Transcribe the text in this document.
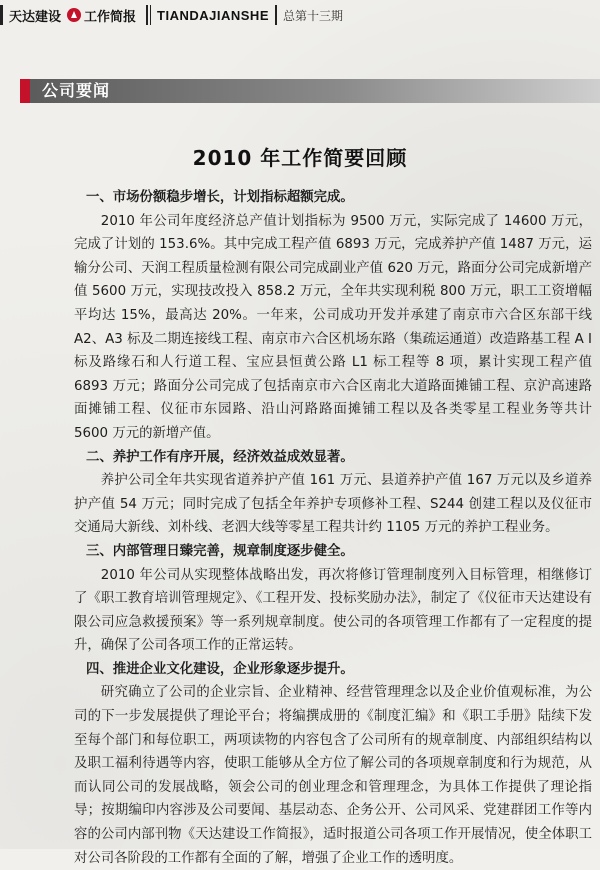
天达建设 工作简报	TIANDAJIANSHE	总第十三期
公司要闻
2010 年工作简要回顾

一、市场份额稳步增长，计划指标超额完成。

2010 年公司年度经济总产值计划指标为 9500 万元，实际完成了 14600 万元，完成了计划的 153.6%。其中完成工程产值 6893 万元，完成养护产值 1487 万元，运输分公司、天润工程质量检测有限公司完成副业产值 620 万元，路面分公司完成新增产值 5600 万元，实现技改投入 858.2 万元，全年共实现利税 800 万元，职工工资增幅平均达 15%，最高达 20%。一年来，公司成功开发并承建了南京市六合区东部干线 A2、A3 标及二期连接线工程、南京市六合区机场东路（集疏运通道）改造路基工程 A Ⅰ 标及路缘石和人行道工程、宝应县恒黄公路 L1 标工程等 8 项，累计实现工程产值 6893 万元；路面分公司完成了包括南京市六合区南北大道路面摊铺工程、京沪高速路面摊铺工程、仪征市东园路、沿山河路路面摊铺工程以及各类零星工程业务等共计 5600 万元的新增产值。

二、养护工作有序开展，经济效益成效显著。

养护公司全年共实现省道养护产值 161 万元、县道养护产值 167 万元以及乡道养护产值 54 万元；同时完成了包括全年养护专项修补工程、S244 创建工程以及仪征市交通局大新线、刘朴线、老泗大线等零星工程共计约 1105 万元的养护工程业务。

三、内部管理日臻完善，规章制度逐步健全。

2010 年公司从实现整体战略出发，再次将修订管理制度列入目标管理，相继修订了《职工教育培训管理规定》、《工程开发、投标奖励办法》，制定了《仪征市天达建设有限公司应急救援预案》等一系列规章制度。使公司的各项管理工作都有了一定程度的提升，确保了公司各项工作的正常运转。

四、推进企业文化建设，企业形象逐步提升。

研究确立了公司的企业宗旨、企业精神、经营管理理念以及企业价值观标准，为公司的下一步发展提供了理论平台；将编撰成册的《制度汇编》和《职工手册》陆续下发至每个部门和每位职工，两项读物的内容包含了公司所有的规章制度、内部组织结构以及职工福利待遇等内容，使职工能够从全方位了解公司的各项规章制度和行为规范，从而认同公司的发展战略，领会公司的创业理念和管理理念，为具体工作提供了理论指导；按期编印内容涉及公司要闻、基层动态、企务公开、公司风采、党建群团工作等内容的公司内部刊物《天达建设工作简报》，适时报道公司各项工作开展情况，使全体职工对公司各阶段的工作都有全面的了解，增强了企业工作的透明度。
